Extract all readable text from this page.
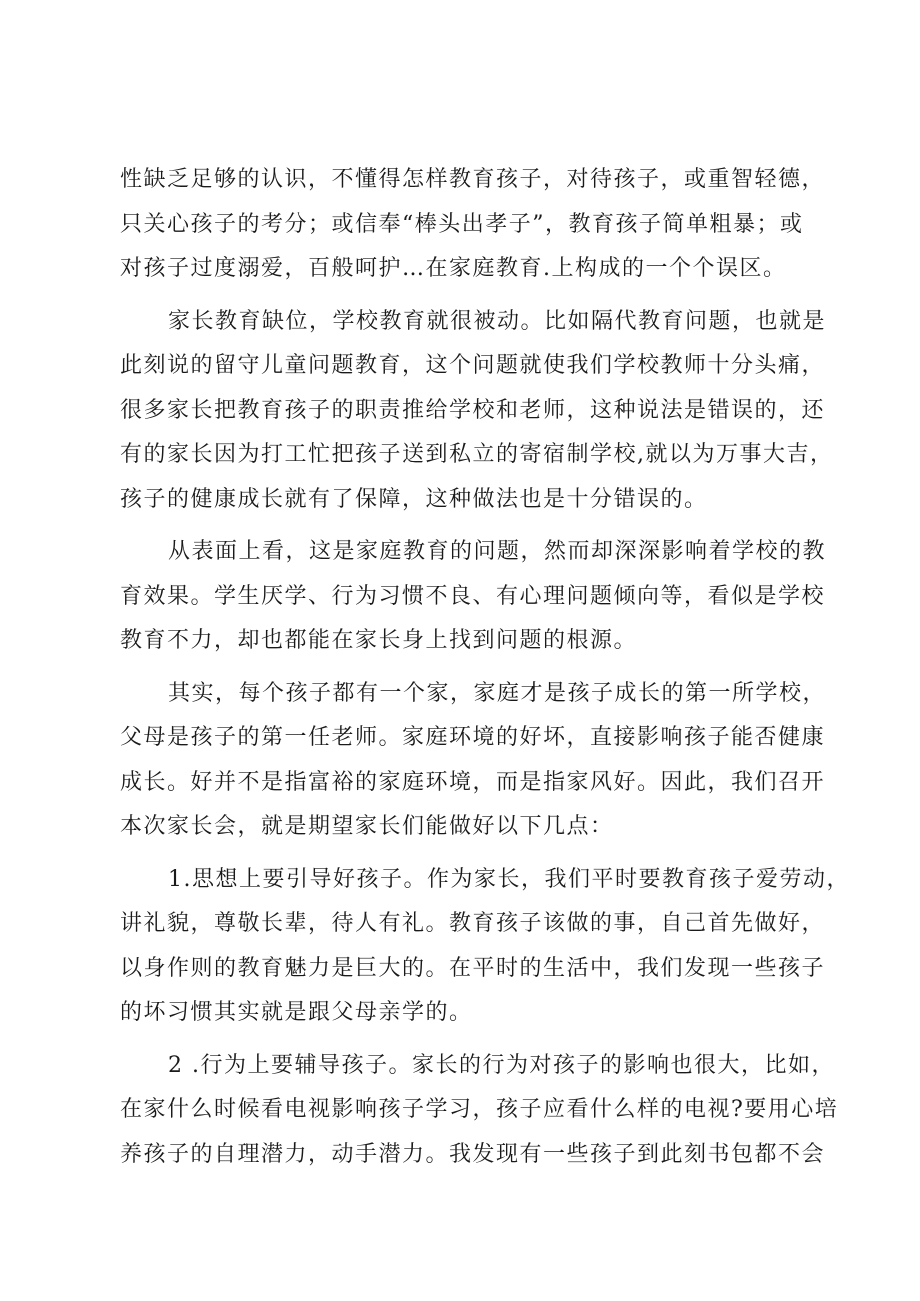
性缺乏足够的认识，不懂得怎样教育孩子，对待孩子，或重智轻德，
只关心孩子的考分；或信奉“棒头出孝子”，教育孩子简单粗暴；或
对孩子过度溺爱，百般呵护…在家庭教育.上构成的一个个误区。
家长教育缺位，学校教育就很被动。比如隔代教育问题，也就是
此刻说的留守儿童问题教育，这个问题就使我们学校教师十分头痛，
很多家长把教育孩子的职责推给学校和老师，这种说法是错误的，还
有的家长因为打工忙把孩子送到私立的寄宿制学校,就以为万事大吉，
孩子的健康成长就有了保障，这种做法也是十分错误的。
从表面上看，这是家庭教育的问题，然而却深深影响着学校的教
育效果。学生厌学、行为习惯不良、有心理问题倾向等，看似是学校
教育不力，却也都能在家长身上找到问题的根源。
其实，每个孩子都有一个家，家庭才是孩子成长的第一所学校，
父母是孩子的第一任老师。家庭环境的好坏，直接影响孩子能否健康
成长。好并不是指富裕的家庭环境，而是指家风好。因此，我们召开
本次家长会，就是期望家长们能做好以下几点：
1.思想上要引导好孩子。作为家长，我们平时要教育孩子爱劳动，
讲礼貌，尊敬长辈，待人有礼。教育孩子该做的事，自己首先做好，
以身作则的教育魅力是巨大的。在平时的生活中，我们发现一些孩子
的坏习惯其实就是跟父母亲学的。
2 .行为上要辅导孩子。家长的行为对孩子的影响也很大，比如，
在家什么时候看电视影响孩子学习，孩子应看什么样的电视?要用心培
养孩子的自理潜力，动手潜力。我发现有一些孩子到此刻书包都不会
